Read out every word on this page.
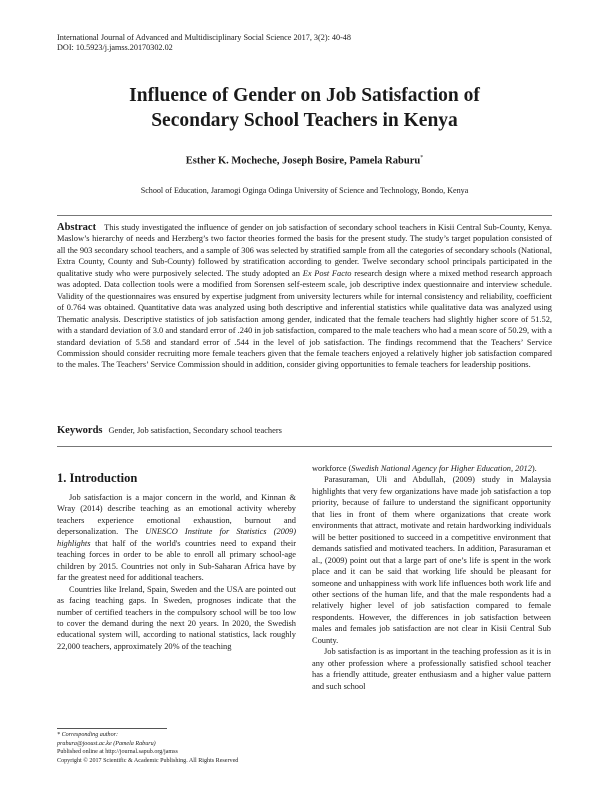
International Journal of Advanced and Multidisciplinary Social Science 2017, 3(2): 40-48
DOI: 10.5923/j.jamss.20170302.02
Influence of Gender on Job Satisfaction of
Secondary School Teachers in Kenya
Esther K. Mocheche, Joseph Bosire, Pamela Raburu*
School of Education, Jaramogi Oginga Odinga University of Science and Technology, Bondo, Kenya
Abstract This study investigated the influence of gender on job satisfaction of secondary school teachers in Kisii Central Sub-County, Kenya. Maslow’s hierarchy of needs and Herzberg’s two factor theories formed the basis for the present study. The study’s target population consisted of all the 903 secondary school teachers, and a sample of 306 was selected by stratified sample from all the categories of secondary schools (National, Extra County, County and Sub-County) followed by stratification according to gender. Twelve secondary school principals participated in the qualitative study who were purposively selected. The study adopted an Ex Post Facto research design where a mixed method research approach was adopted. Data collection tools were a modified from Sorensen self-esteem scale, job descriptive index questionnaire and interview schedule. Validity of the questionnaires was ensured by expertise judgment from university lecturers while for internal consistency and reliability, coefficient of 0.764 was obtained. Quantitative data was analyzed using both descriptive and inferential statistics while qualitative data was analyzed using Thematic analysis. Descriptive statistics of job satisfaction among gender, indicated that the female teachers had slightly higher score of 51.52, with a standard deviation of 3.0 and standard error of .240 in job satisfaction, compared to the male teachers who had a mean score of 50.29, with a standard deviation of 5.58 and standard error of .544 in the level of job satisfaction. The findings recommend that the Teachers’ Service Commission should consider recruiting more female teachers given that the female teachers enjoyed a relatively higher job satisfaction compared to the males. The Teachers’ Service Commission should in addition, consider giving opportunities to female teachers for leadership positions.
Keywords Gender, Job satisfaction, Secondary school teachers
1. Introduction

Job satisfaction is a major concern in the world, and Kinnan & Wray (2014) describe teaching as an emotional activity whereby teachers experience emotional exhaustion, burnout and depersonalization. The UNESCO Institute for Statistics (2009) highlights that half of the world's countries need to expand their teaching forces in order to be able to enroll all primary school-age children by 2015. Countries not only in Sub-Saharan Africa have by far the greatest need for additional teachers.

Countries like Ireland, Spain, Sweden and the USA are pointed out as facing teaching gaps. In Sweden, prognoses indicate that the number of certified teachers in the compulsory school will be too low to cover the demand during the next 20 years. In 2020, the Swedish educational system will, according to national statistics, lack roughly 22,000 teachers, approximately 20% of the teaching

workforce (Swedish National Agency for Higher Education, 2012).

Parasuraman, Uli and Abdullah, (2009) study in Malaysia highlights that very few organizations have made job satisfaction a top priority, because of failure to understand the significant opportunity that lies in front of them where organizations that create work environments that attract, motivate and retain hardworking individuals will be better positioned to succeed in a competitive environment that demands satisfied and motivated teachers. In addition, Parasuraman et al., (2009) point out that a large part of one’s life is spent in the work place and it can be said that working life should be pleasant for someone and unhappiness with work life influences both work life and other sections of the human life, and that the male respondents had a relatively higher level of job satisfaction compared to female respondents. However, the differences in job satisfaction between males and females job satisfaction are not clear in Kisii Central Sub County.

Job satisfaction is as important in the teaching profession as it is in any other profession where a professionally satisfied school teacher has a friendly attitude, greater enthusiasm and a higher value pattern and such school

* Corresponding author:
prabura@jooust.ac.ke (Pamela Raburu)
Published online at http://journal.sapub.org/jamss
Copyright © 2017 Scientific & Academic Publishing. All Rights Reserved
